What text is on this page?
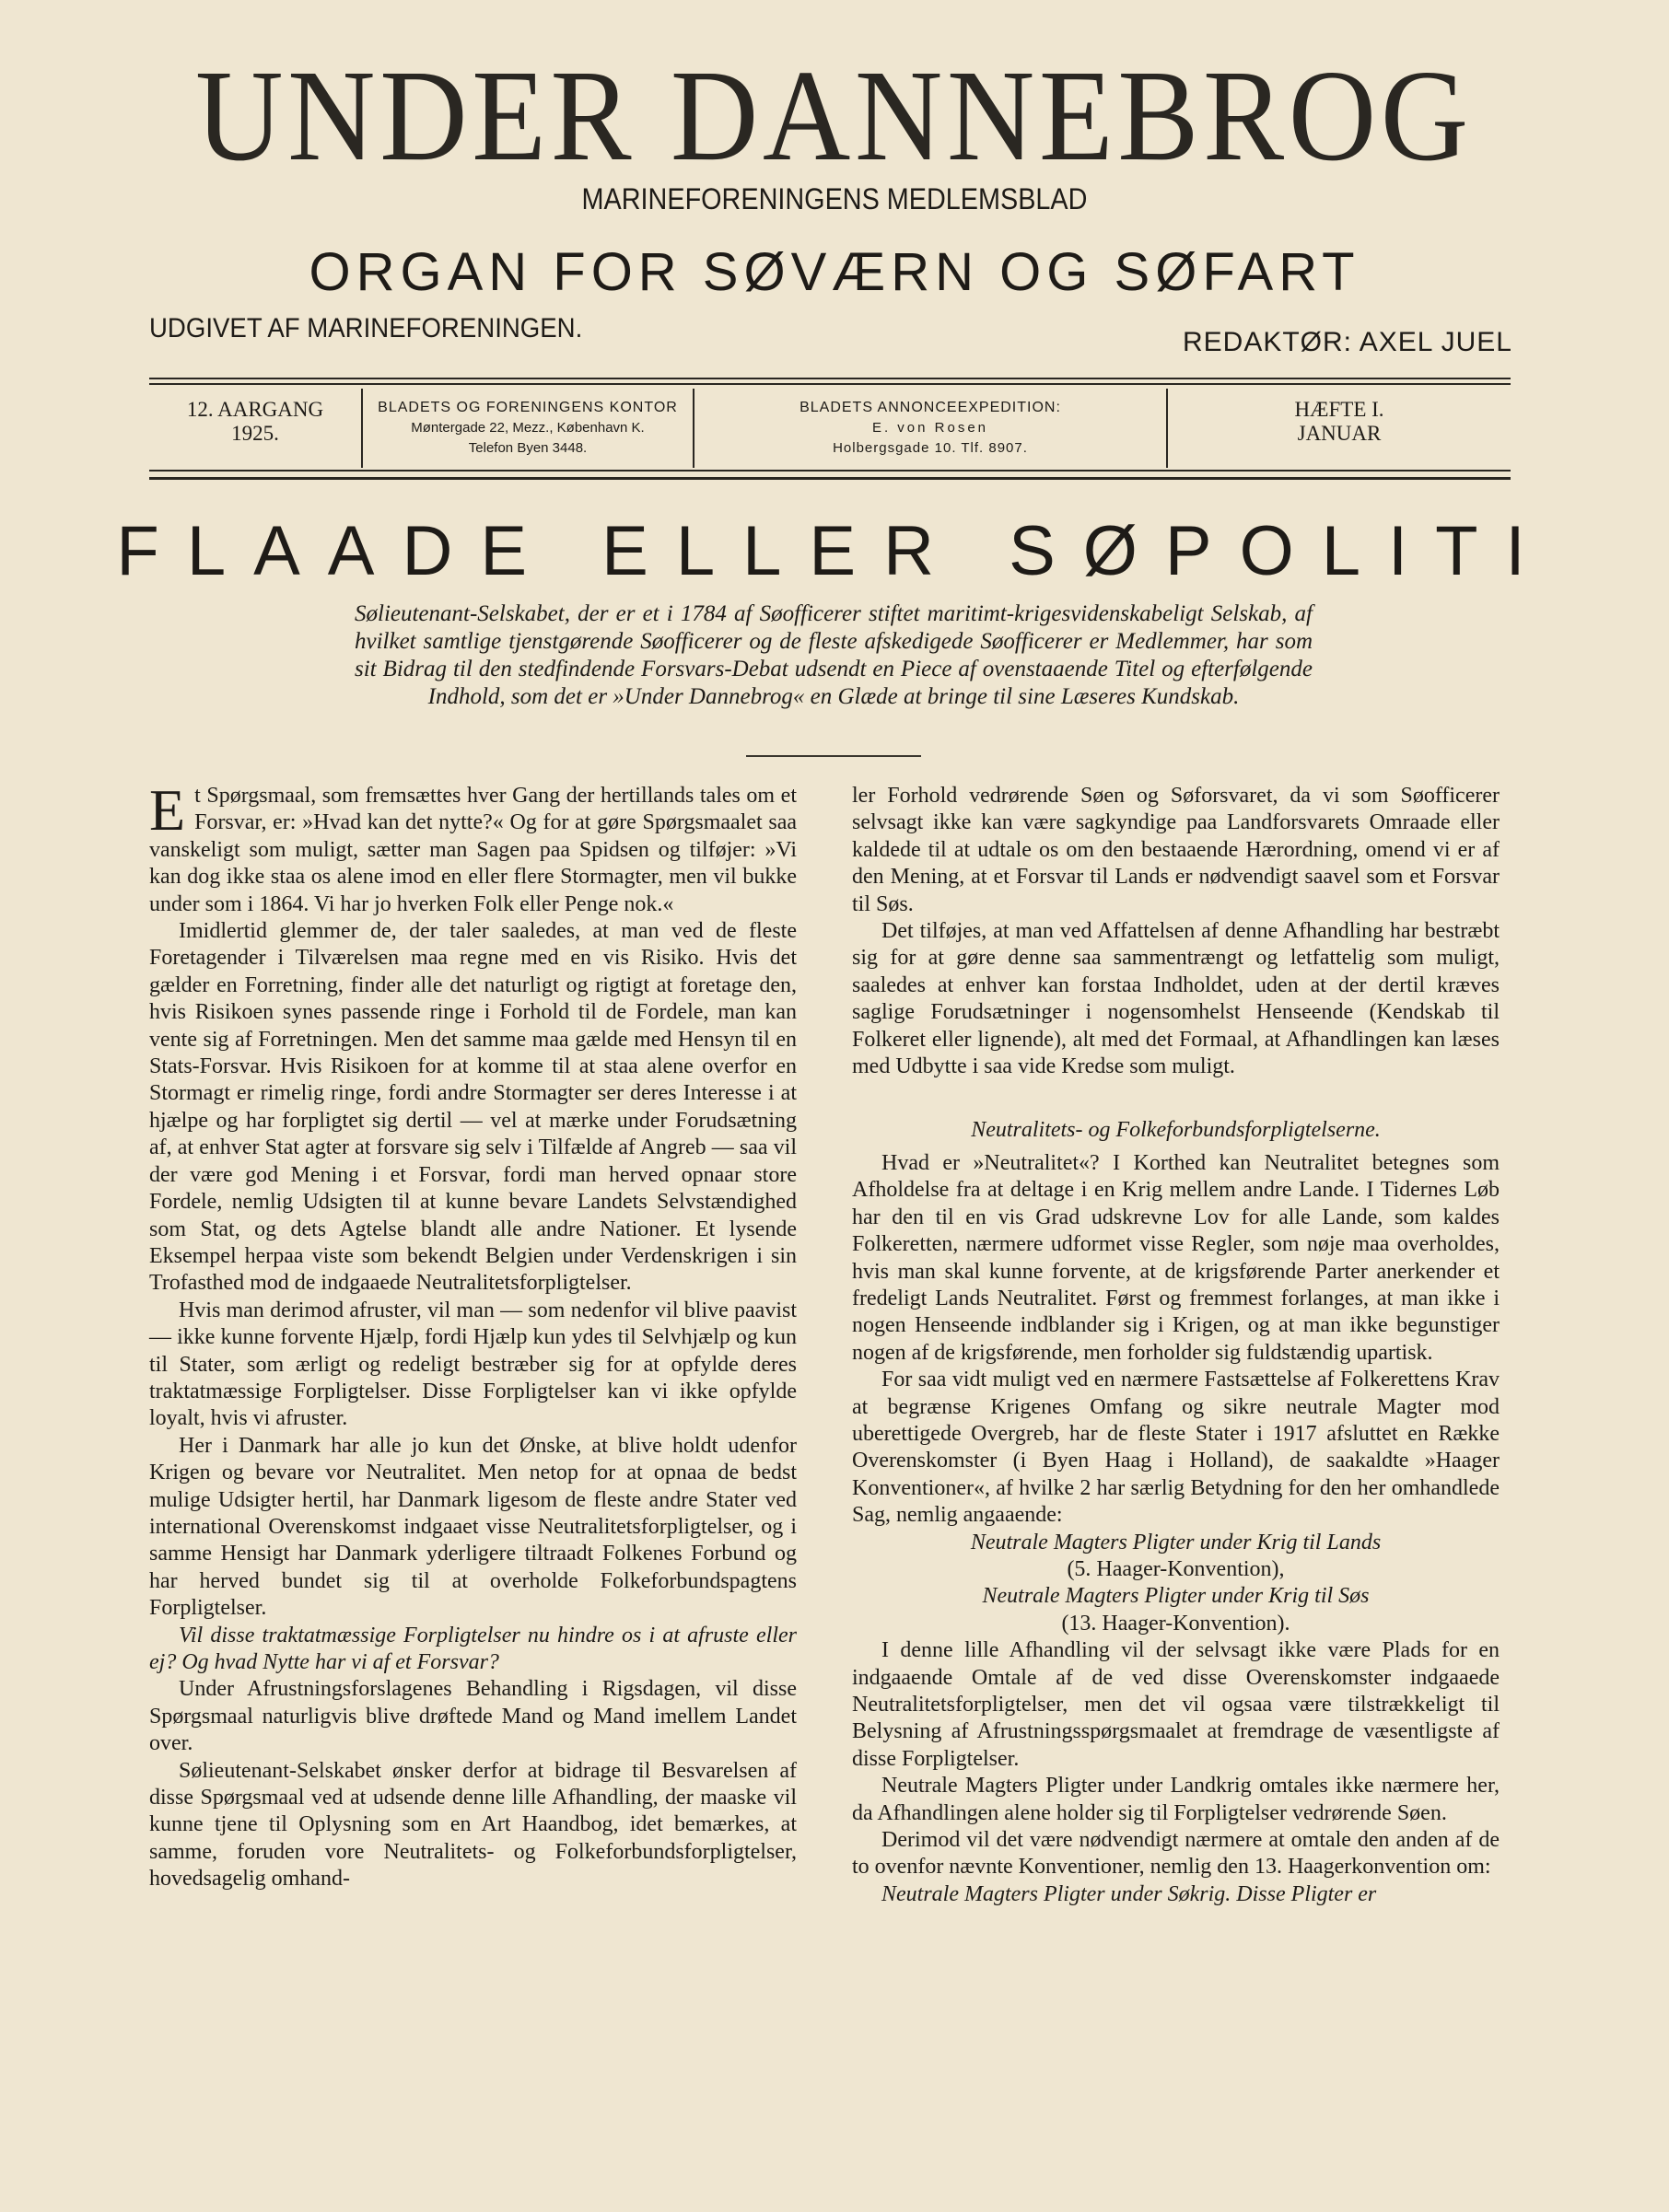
UNDER DANNEBROG
MARINEFORENINGENS MEDLEMSBLAD
ORGAN FOR SØVÆRN OG SØFART
UDGIVET AF MARINEFORENINGEN.	REDAKTØR: AXEL JUEL
12. AARGANG
1925.
BLADETS OG FORENINGENS KONTOR
Møntergade 22, Mezz., København K.
Telefon Byen 3448.
BLADETS ANNONCEEXPEDITION:
E. von Rosen
Holbergsgade 10. Tlf. 8907.
HÆFTE I.
JANUAR
FLAADE ELLER SØPOLITI
Sølieutenant-Selskabet, der er et i 1784 af Søofficerer stiftet maritimt-krigesvidenskabeligt Selskab, af hvilket samtlige tjenstgørende Søofficerer og de fleste afskedigede Søofficerer er Medlemmer, har som sit Bidrag til den stedfindende Forsvars-Debat udsendt en Piece af ovenstaaende Titel og efterfølgende Indhold, som det er »Under Dannebrog« en Glæde at bringe til sine Læseres Kundskab.

Et Spørgsmaal, som fremsættes hver Gang der hertillands tales om et Forsvar, er: »Hvad kan det nytte?« Og for at gøre Spørgsmaalet saa vanskeligt som muligt, sætter man Sagen paa Spidsen og tilføjer: »Vi kan dog ikke staa os alene imod en eller flere Stormagter, men vil bukke under som i 1864. Vi har jo hverken Folk eller Penge nok.«

Imidlertid glemmer de, der taler saaledes, at man ved de fleste Foretagender i Tilværelsen maa regne med en vis Risiko. Hvis det gælder en Forretning, finder alle det naturligt og rigtigt at foretage den, hvis Risikoen synes passende ringe i Forhold til de Fordele, man kan vente sig af Forretningen. Men det samme maa gælde med Hensyn til en Stats-Forsvar. Hvis Risikoen for at komme til at staa alene overfor en Stormagt er rimelig ringe, fordi andre Stormagter ser deres Interesse i at hjælpe og har forpligtet sig dertil — vel at mærke under Forudsætning af, at enhver Stat agter at forsvare sig selv i Tilfælde af Angreb — saa vil der være god Mening i et Forsvar, fordi man herved opnaar store Fordele, nemlig Udsigten til at kunne bevare Landets Selvstændighed som Stat, og dets Agtelse blandt alle andre Nationer. Et lysende Eksempel herpaa viste som bekendt Belgien under Verdenskrigen i sin Trofasthed mod de indgaaede Neutralitetsforpligtelser.

Hvis man derimod afruster, vil man — som nedenfor vil blive paavist — ikke kunne forvente Hjælp, fordi Hjælp kun ydes til Selvhjælp og kun til Stater, som ærligt og redeligt bestræber sig for at opfylde deres traktatmæssige Forpligtelser. Disse Forpligtelser kan vi ikke opfylde loyalt, hvis vi afruster.

Her i Danmark har alle jo kun det Ønske, at blive holdt udenfor Krigen og bevare vor Neutralitet. Men netop for at opnaa de bedst mulige Udsigter hertil, har Danmark ligesom de fleste andre Stater ved international Overenskomst indgaaet visse Neutralitetsforpligtelser, og i samme Hensigt har Danmark yderligere tiltraadt Folkenes Forbund og har herved bundet sig til at overholde Folkeforbundspagtens Forpligtelser.

Vil disse traktatmæssige Forpligtelser nu hindre os i at afruste eller ej? Og hvad Nytte har vi af et Forsvar?

Under Afrustningsforslagenes Behandling i Rigsdagen, vil disse Spørgsmaal naturligvis blive drøftede Mand og Mand imellem Landet over.

Sølieutenant-Selskabet ønsker derfor at bidrage til Besvarelsen af disse Spørgsmaal ved at udsende denne lille Afhandling, der maaske vil kunne tjene til Oplysning som en Art Haandbog, idet bemærkes, at samme, foruden vore Neutralitets- og Folkeforbundsforpligtelser, hovedsagelig omhand-

ler Forhold vedrørende Søen og Søforsvaret, da vi som Søofficerer selvsagt ikke kan være sagkyndige paa Landforsvarets Omraade eller kaldede til at udtale os om den bestaaende Hærordning, omend vi er af den Mening, at et Forsvar til Lands er nødvendigt saavel som et Forsvar til Søs.

Det tilføjes, at man ved Affattelsen af denne Afhandling har bestræbt sig for at gøre denne saa sammentrængt og letfattelig som muligt, saaledes at enhver kan forstaa Indholdet, uden at der dertil kræves saglige Forudsætninger i nogensomhelst Henseende (Kendskab til Folkeret eller lignende), alt med det Formaal, at Afhandlingen kan læses med Udbytte i saa vide Kredse som muligt.

Neutralitets- og Folkeforbundsforpligtelserne.

Hvad er »Neutralitet«? I Korthed kan Neutralitet betegnes som Afholdelse fra at deltage i en Krig mellem andre Lande. I Tidernes Løb har den til en vis Grad udskrevne Lov for alle Lande, som kaldes Folkeretten, nærmere udformet visse Regler, som nøje maa overholdes, hvis man skal kunne forvente, at de krigsførende Parter anerkender et fredeligt Lands Neutralitet. Først og fremmest forlanges, at man ikke i nogen Henseende indblander sig i Krigen, og at man ikke begunstiger nogen af de krigsførende, men forholder sig fuldstændig upartisk.

For saa vidt muligt ved en nærmere Fastsættelse af Folkerettens Krav at begrænse Krigenes Omfang og sikre neutrale Magter mod uberettigede Overgreb, har de fleste Stater i 1917 afsluttet en Række Overenskomster (i Byen Haag i Holland), de saakaldte »Haager Konventioner«, af hvilke 2 har særlig Betydning for den her omhandlede Sag, nemlig angaaende:

Neutrale Magters Pligter under Krig til Lands

(5. Haager-Konvention),

Neutrale Magters Pligter under Krig til Søs

(13. Haager-Konvention).

I denne lille Afhandling vil der selvsagt ikke være Plads for en indgaaende Omtale af de ved disse Overenskomster indgaaede Neutralitetsforpligtelser, men det vil ogsaa være tilstrækkeligt til Belysning af Afrustningsspørgsmaalet at fremdrage de væsentligste af disse Forpligtelser.

Neutrale Magters Pligter under Landkrig omtales ikke nærmere her, da Afhandlingen alene holder sig til Forpligtelser vedrørende Søen.

Derimod vil det være nødvendigt nærmere at omtale den anden af de to ovenfor nævnte Konventioner, nemlig den 13. Haagerkonvention om:

Neutrale Magters Pligter under Søkrig. Disse Pligter er
